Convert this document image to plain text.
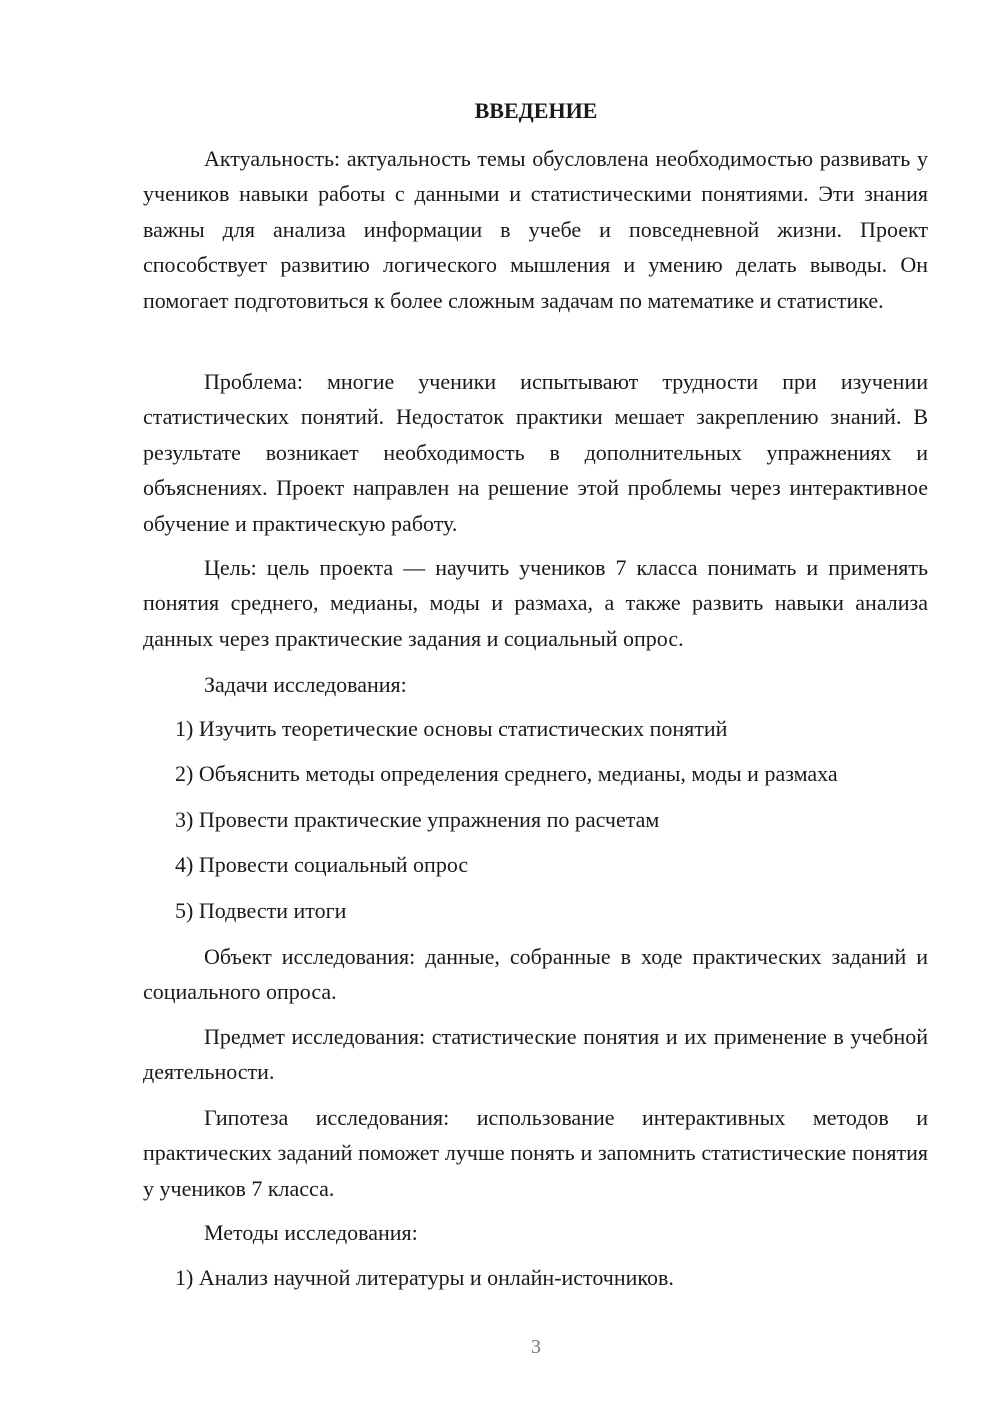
ВВЕДЕНИЕ

Актуальность: актуальность темы обусловлена необходимостью развивать у учеников навыки работы с данными и статистическими понятиями. Эти знания важны для анализа информации в учебе и повседневной жизни. Проект способствует развитию логического мышления и умению делать выводы. Он помогает подготовиться к более сложным задачам по математике и статистике.

Проблема: многие ученики испытывают трудности при изучении статистических понятий. Недостаток практики мешает закреплению знаний. В результате возникает необходимость в дополнительных упражнениях и объяснениях. Проект направлен на решение этой проблемы через интерактивное обучение и практическую работу.

Цель: цель проекта — научить учеников 7 класса понимать и применять понятия среднего, медианы, моды и размаха, а также развить навыки анализа данных через практические задания и социальный опрос.

Задачи исследования:

1) Изучить теоретические основы статистических понятий
2) Объяснить методы определения среднего, медианы, моды и размаха
3) Провести практические упражнения по расчетам
4) Провести социальный опрос
5) Подвести итоги

Объект исследования: данные, собранные в ходе практических заданий и социального опроса.

Предмет исследования: статистические понятия и их применение в учебной деятельности.

Гипотеза исследования: использование интерактивных методов и практических заданий поможет лучше понять и запомнить статистические понятия у учеников 7 класса.

Методы исследования:

1) Анализ научной литературы и онлайн-источников.
3
